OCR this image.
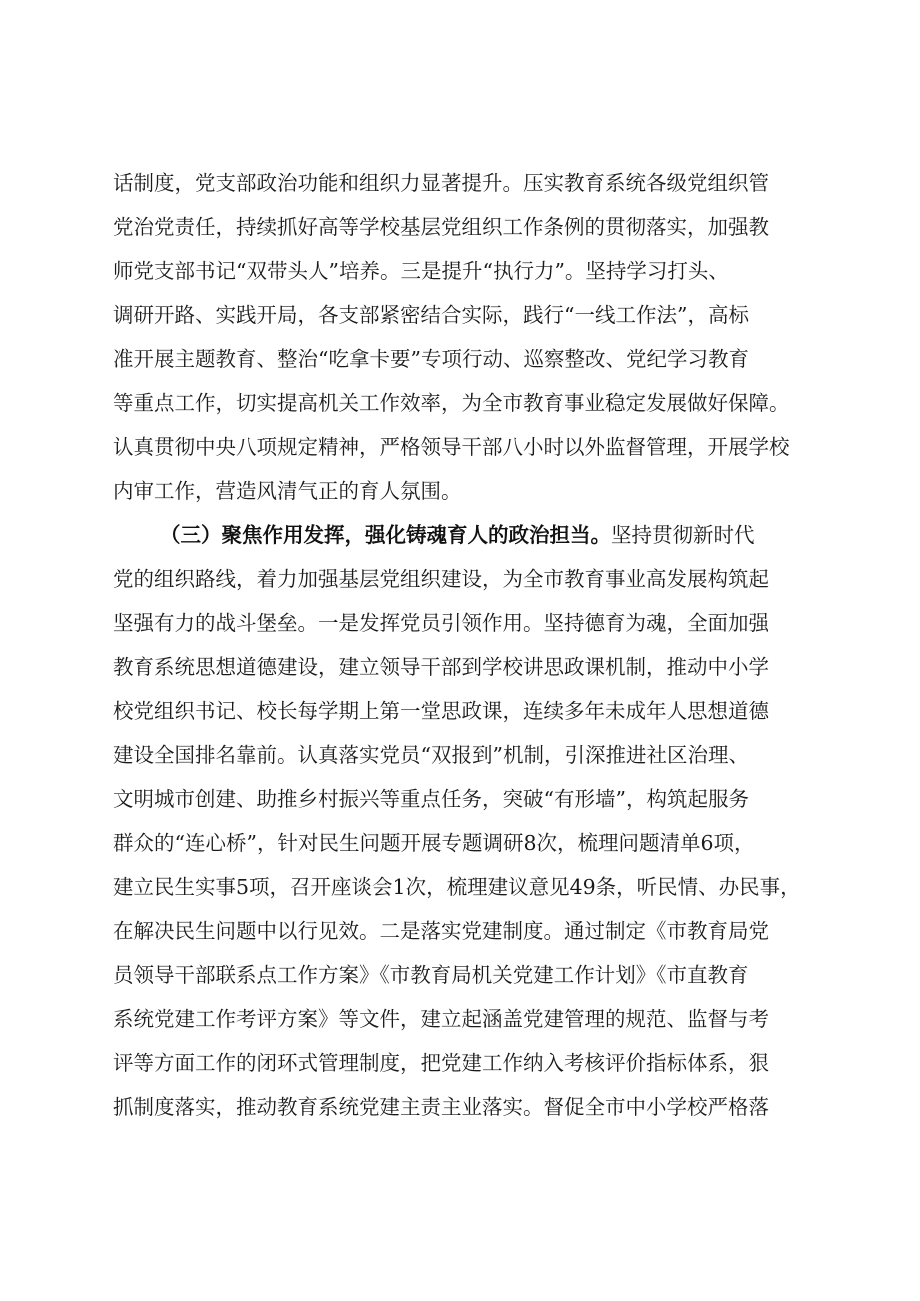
话制度，党支部政治功能和组织力显著提升。压实教育系统各级党组织管
党治党责任，持续抓好高等学校基层党组织工作条例的贯彻落实，加强教
师党支部书记“双带头人”培养。三是提升“执行力”。坚持学习打头、
调研开路、实践开局，各支部紧密结合实际，践行“一线工作法”，高标
准开展主题教育、整治“吃拿卡要”专项行动、巡察整改、党纪学习教育
等重点工作，切实提高机关工作效率，为全市教育事业稳定发展做好保障。
认真贯彻中央八项规定精神，严格领导干部八小时以外监督管理，开展学校
内审工作，营造风清气正的育人氛围。
（三）聚焦作用发挥，强化铸魂育人的政治担当。坚持贯彻新时代
党的组织路线，着力加强基层党组织建设，为全市教育事业高发展构筑起
坚强有力的战斗堡垒。一是发挥党员引领作用。坚持德育为魂，全面加强
教育系统思想道德建设，建立领导干部到学校讲思政课机制，推动中小学
校党组织书记、校长每学期上第一堂思政课，连续多年未成年人思想道德
建设全国排名靠前。认真落实党员“双报到”机制，引深推进社区治理、
文明城市创建、助推乡村振兴等重点任务，突破“有形墙”，构筑起服务
群众的“连心桥”，针对民生问题开展专题调研8次，梳理问题清单6项，
建立民生实事5项，召开座谈会1次，梳理建议意见49条，听民情、办民事，
在解决民生问题中以行见效。二是落实党建制度。通过制定《市教育局党
员领导干部联系点工作方案》《市教育局机关党建工作计划》《市直教育
系统党建工作考评方案》等文件，建立起涵盖党建管理的规范、监督与考
评等方面工作的闭环式管理制度，把党建工作纳入考核评价指标体系，狠
抓制度落实，推动教育系统党建主责主业落实。督促全市中小学校严格落
